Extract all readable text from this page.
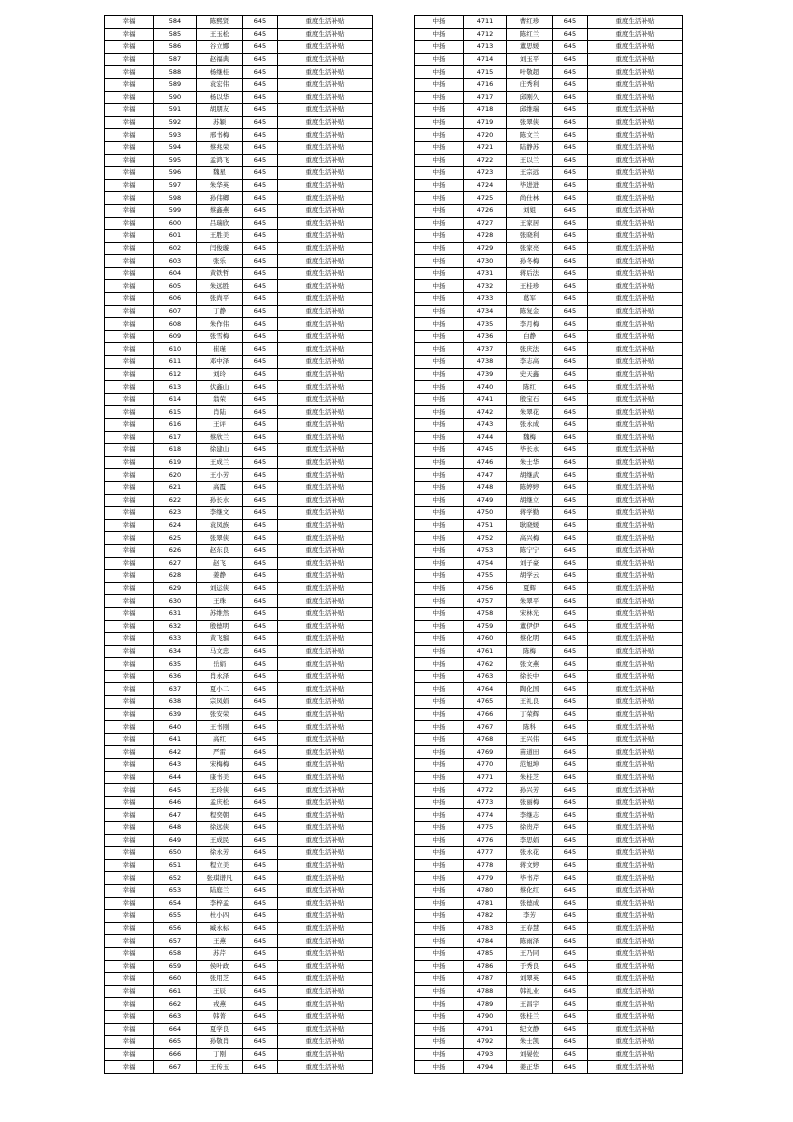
幸福	584	陈熙贤	645	重度生活补贴
幸福	585	王玉松	645	重度生活补贴
幸福	586	谷立娜	645	重度生活补贴
幸福	587	赵福典	645	重度生活补贴
幸福	588	杨继桂	645	重度生活补贴
幸福	589	袁宏伟	645	重度生活补贴
幸福	590	杨以华	645	重度生活补贴
幸福	591	胡朋友	645	重度生活补贴
幸福	592	苏颖	645	重度生活补贴
幸福	593	邢书梅	645	重度生活补贴
幸福	594	蔡兆荣	645	重度生活补贴
幸福	595	孟鸿飞	645	重度生活补贴
幸福	596	魏星	645	重度生活补贴
幸福	597	朱华英	645	重度生活补贴
幸福	598	孙伟卿	645	重度生活补贴
幸福	599	蔡鑫燕	645	重度生活补贴
幸福	600	吕瑞欣	645	重度生活补贴
幸福	601	王胜美	645	重度生活补贴
幸福	602	闫俊璇	645	重度生活补贴
幸福	603	张乐	645	重度生活补贴
幸福	604	黄铁哲	645	重度生活补贴
幸福	605	朱远胜	645	重度生活补贴
幸福	606	张尚平	645	重度生活补贴
幸福	607	丁静	645	重度生活补贴
幸福	608	朱作伟	645	重度生活补贴
幸福	609	张雪梅	645	重度生活补贴
幸福	610	崔瑾	645	重度生活补贴
幸福	611	邓中泽	645	重度生活补贴
幸福	612	刘玲	645	重度生活补贴
幸福	613	伏鑫山	645	重度生活补贴
幸福	614	翁荣	645	重度生活补贴
幸福	615	肖陆	645	重度生活补贴
幸福	616	王评	645	重度生活补贴
幸福	617	蔡欣兰	645	重度生活补贴
幸福	618	徐建山	645	重度生活补贴
幸福	619	王成兰	645	重度生活补贴
幸福	620	王小芳	645	重度生活补贴
幸福	621	高霞	645	重度生活补贴
幸福	622	孙长水	645	重度生活补贴
幸福	623	李继文	645	重度生活补贴
幸福	624	袁凤族	645	重度生活补贴
幸福	625	张翠侠	645	重度生活补贴
幸福	626	赵东良	645	重度生活补贴
幸福	627	赵飞	645	重度生活补贴
幸福	628	姜静	645	重度生活补贴
幸福	629	刘运侠	645	重度生活补贴
幸福	630	王珠	645	重度生活补贴
幸福	631	苏维然	645	重度生活补贴
幸福	632	殷德明	645	重度生活补贴
幸福	633	黄飞骝	645	重度生活补贴
幸福	634	马文忠	645	重度生活补贴
幸福	635	岳娟	645	重度生活补贴
幸福	636	肖永泽	645	重度生活补贴
幸福	637	夏小二	645	重度生活补贴
幸福	638	宗凤娟	645	重度生活补贴
幸福	639	张安荣	645	重度生活补贴
幸福	640	王书刚	645	重度生活补贴
幸福	641	高红	645	重度生活补贴
幸福	642	严雷	645	重度生活补贴
幸福	643	宋梅梅	645	重度生活补贴
幸福	644	康书美	645	重度生活补贴
幸福	645	王玲侠	645	重度生活补贴
幸福	646	孟庆松	645	重度生活补贴
幸福	647	程奕朝	645	重度生活补贴
幸福	648	徐远侠	645	重度生活补贴
幸福	649	王成民	645	重度生活补贴
幸福	650	徐永芳	645	重度生活补贴
幸福	651	程立美	645	重度生活补贴
幸福	652	张琪谱凡	645	重度生活补贴
幸福	653	陆庭兰	645	重度生活补贴
幸福	654	李梓孟	645	重度生活补贴
幸福	655	杜小四	645	重度生活补贴
幸福	656	臧永标	645	重度生活补贴
幸福	657	王燕	645	重度生活补贴
幸福	658	苏芹	645	重度生活补贴
幸福	659	侯叶政	645	重度生活补贴
幸福	660	张用芝	645	重度生活补贴
幸福	661	王辰	645	重度生活补贴
幸福	662	戎燕	645	重度生活补贴
幸福	663	韩菁	645	重度生活补贴
幸福	664	夏学良	645	重度生活补贴
幸福	665	孙敬肖	645	重度生活补贴
幸福	666	丁刚	645	重度生活补贴
幸福	667	王传玉	645	重度生活补贴
中扬	4711	曹红珍	645	重度生活补贴
中扬	4712	陈红兰	645	重度生活补贴
中扬	4713	董思媛	645	重度生活补贴
中扬	4714	刘玉平	645	重度生活补贴
中扬	4715	叶敬超	645	重度生活补贴
中扬	4716	庄秀利	645	重度生活补贴
中扬	4717	邱刚久	645	重度生活补贴
中扬	4718	邱维瑞	645	重度生活补贴
中扬	4719	张翠侠	645	重度生活补贴
中扬	4720	陈文兰	645	重度生活补贴
中扬	4721	陆静苏	645	重度生活补贴
中扬	4722	王以兰	645	重度生活补贴
中扬	4723	王宗远	645	重度生活补贴
中扬	4724	毕进进	645	重度生活补贴
中扬	4725	尚仕林	645	重度生活补贴
中扬	4726	刘姐	645	重度生活补贴
中扬	4727	王家居	645	重度生活补贴
中扬	4728	张晓利	645	重度生活补贴
中扬	4729	张家亮	645	重度生活补贴
中扬	4730	孙冬梅	645	重度生活补贴
中扬	4731	蒋后法	645	重度生活补贴
中扬	4732	王桂珍	645	重度生活补贴
中扬	4733	葛军	645	重度生活补贴
中扬	4734	陈复金	645	重度生活补贴
中扬	4735	李月梅	645	重度生活补贴
中扬	4736	白静	645	重度生活补贴
中扬	4737	张庆法	645	重度生活补贴
中扬	4738	李志高	645	重度生活补贴
中扬	4739	史天鑫	645	重度生活补贴
中扬	4740	陈红	645	重度生活补贴
中扬	4741	殷宝石	645	重度生活补贴
中扬	4742	朱翠花	645	重度生活补贴
中扬	4743	张永成	645	重度生活补贴
中扬	4744	魏梅	645	重度生活补贴
中扬	4745	毕长永	645	重度生活补贴
中扬	4746	朱士华	645	重度生活补贴
中扬	4747	胡继武	645	重度生活补贴
中扬	4748	陈婷婷	645	重度生活补贴
中扬	4749	胡继立	645	重度生活补贴
中扬	4750	蒋学勤	645	重度生活补贴
中扬	4751	耿晓媛	645	重度生活补贴
中扬	4752	高兴梅	645	重度生活补贴
中扬	4753	陈宁宁	645	重度生活补贴
中扬	4754	刘子豪	645	重度生活补贴
中扬	4755	胡学云	645	重度生活补贴
中扬	4756	夏辉	645	重度生活补贴
中扬	4757	朱翠平	645	重度生活补贴
中扬	4758	宋林光	645	重度生活补贴
中扬	4759	董伊伊	645	重度生活补贴
中扬	4760	蔡化明	645	重度生活补贴
中扬	4761	陈梅	645	重度生活补贴
中扬	4762	张文燕	645	重度生活补贴
中扬	4763	徐长中	645	重度生活补贴
中扬	4764	陶化国	645	重度生活补贴
中扬	4765	王礼良	645	重度生活补贴
中扬	4766	丁荣辉	645	重度生活补贴
中扬	4767	陈科	645	重度生活补贴
中扬	4768	王兴伟	645	重度生活补贴
中扬	4769	苗道田	645	重度生活补贴
中扬	4770	范旭坤	645	重度生活补贴
中扬	4771	朱桂芝	645	重度生活补贴
中扬	4772	孙兴芳	645	重度生活补贴
中扬	4773	张丽梅	645	重度生活补贴
中扬	4774	李继志	645	重度生活补贴
中扬	4775	徐贵芹	645	重度生活补贴
中扬	4776	李思娟	645	重度生活补贴
中扬	4777	张永花	645	重度生活补贴
中扬	4778	蒋文婷	645	重度生活补贴
中扬	4779	毕书芹	645	重度生活补贴
中扬	4780	蔡化红	645	重度生活补贴
中扬	4781	张德成	645	重度生活补贴
中扬	4782	李芳	645	重度生活补贴
中扬	4783	王春慧	645	重度生活补贴
中扬	4784	陈雨泽	645	重度生活补贴
中扬	4785	王乃同	645	重度生活补贴
中扬	4786	于秀良	645	重度生活补贴
中扬	4787	刘翠英	645	重度生活补贴
中扬	4788	韩礼业	645	重度生活补贴
中扬	4789	王昌宇	645	重度生活补贴
中扬	4790	张桂兰	645	重度生活补贴
中扬	4791	纪文静	645	重度生活补贴
中扬	4792	朱士凯	645	重度生活补贴
中扬	4793	刘晏佐	645	重度生活补贴
中扬	4794	姜正华	645	重度生活补贴
